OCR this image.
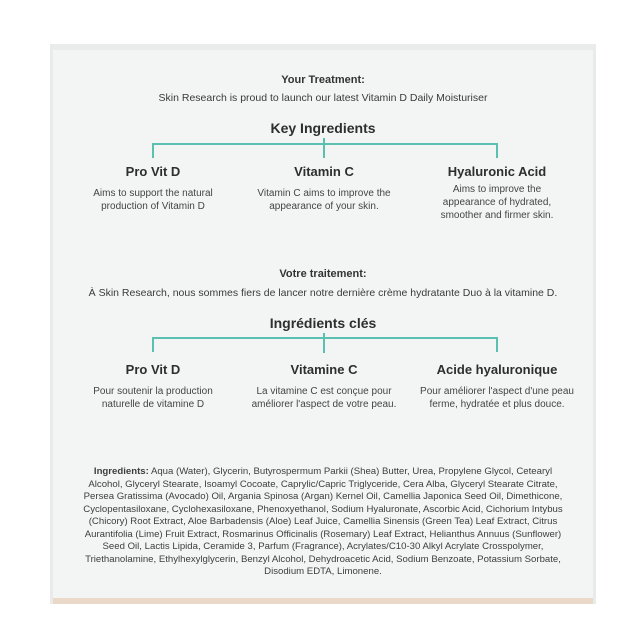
Your Treatment:
Skin Research is proud to launch our latest Vitamin D Daily Moisturiser
Key Ingredients
Pro Vit D
Aims to support the natural production of Vitamin D
Vitamin C
Vitamin C aims to improve the appearance of your skin.
Hyaluronic Acid
Aims to improve the appearance of hydrated, smoother and firmer skin.
Votre traitement:
À Skin Research, nous sommes fiers de lancer notre dernière crème hydratante Duo à la vitamine D.
Ingrédients clés
Pro Vit D
Pour soutenir la production naturelle de vitamine D
Vitamine C
La vitamine C est conçue pour améliorer l'aspect de votre peau.
Acide hyaluronique
Pour améliorer l'aspect d'une peau ferme, hydratée et plus douce.
Ingredients: Aqua (Water), Glycerin, Butyrospermum Parkii (Shea) Butter, Urea, Propylene Glycol, Cetearyl Alcohol, Glyceryl Stearate, Isoamyl Cocoate, Caprylic/Capric Triglyceride, Cera Alba, Glyceryl Stearate Citrate, Persea Gratissima (Avocado) Oil, Argania Spinosa (Argan) Kernel Oil, Camellia Japonica Seed Oil, Dimethicone, Cyclopentasiloxane, Cyclohexasiloxane, Phenoxyethanol, Sodium Hyaluronate, Ascorbic Acid, Cichorium Intybus (Chicory) Root Extract, Aloe Barbadensis (Aloe) Leaf Juice, Camellia Sinensis (Green Tea) Leaf Extract, Citrus Aurantifolia (Lime) Fruit Extract, Rosmarinus Officinalis (Rosemary) Leaf Extract, Helianthus Annuus (Sunflower) Seed Oil, Lactis Lipida, Ceramide 3, Parfum (Fragrance), Acrylates/C10-30 Alkyl Acrylate Crosspolymer, Triethanolamine, Ethylhexylglycerin, Benzyl Alcohol, Dehydroacetic Acid, Sodium Benzoate, Potassium Sorbate, Disodium EDTA, Limonene.
